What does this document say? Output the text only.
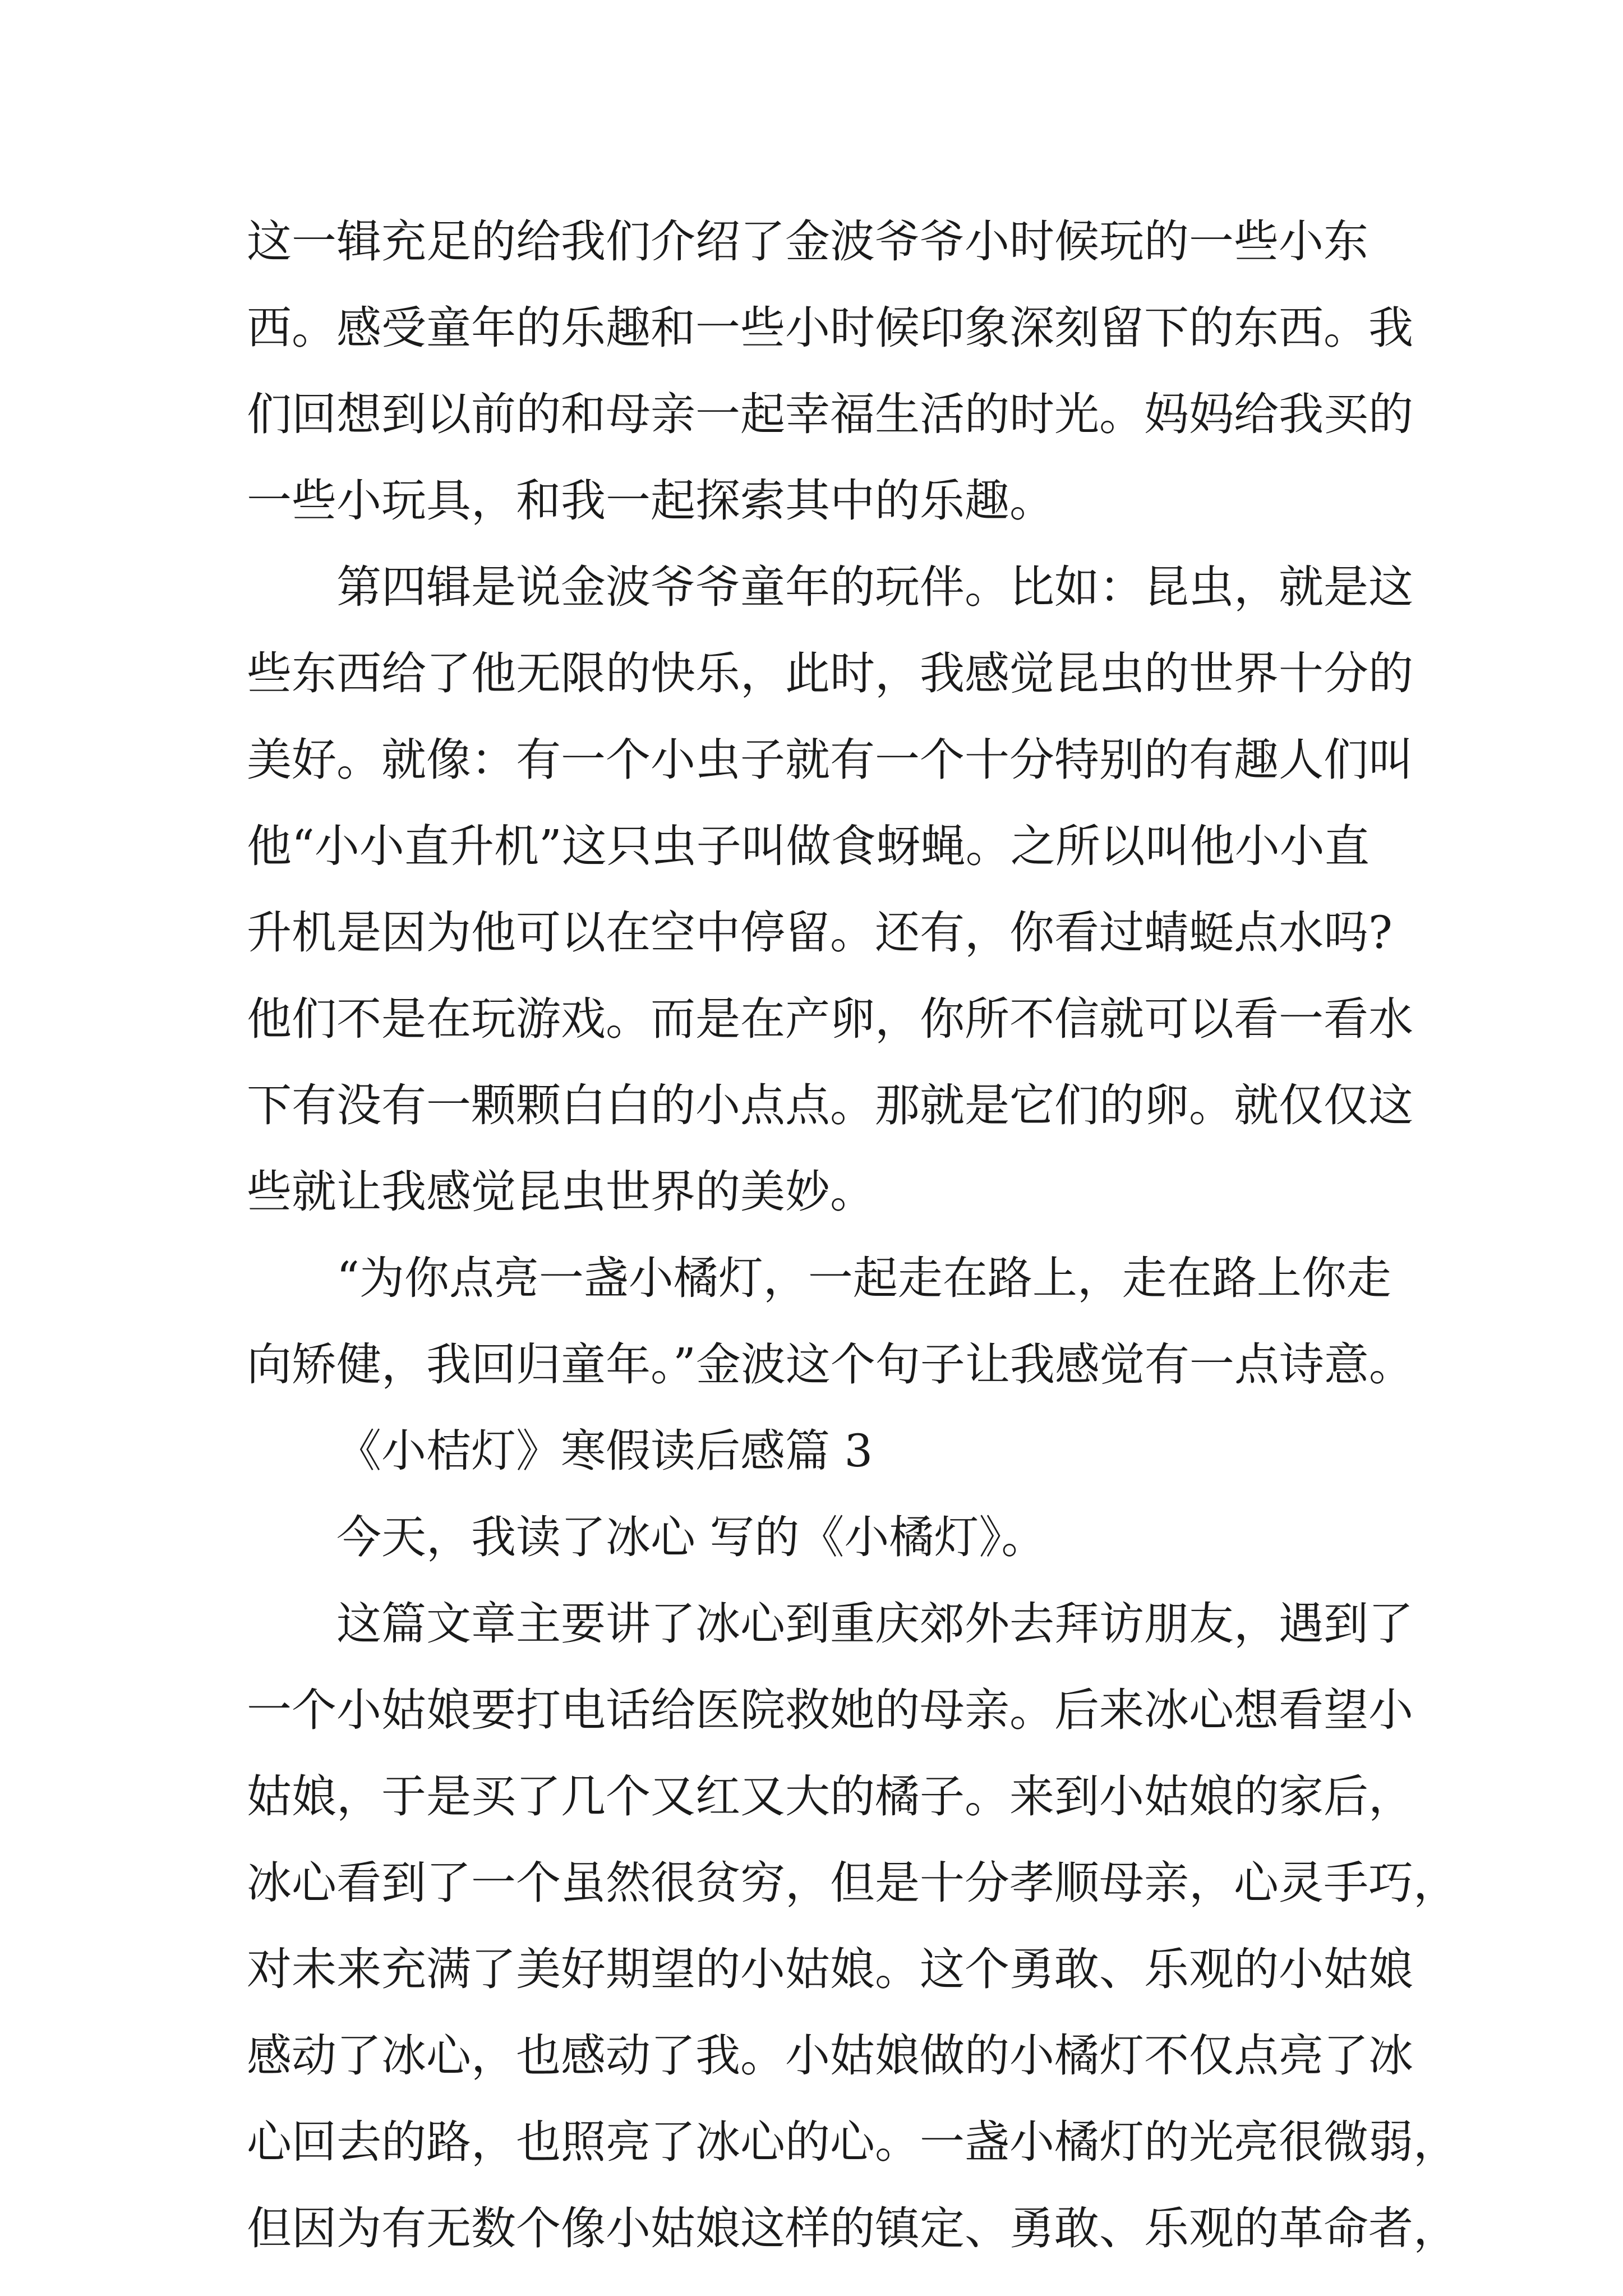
这一辑充足的给我们介绍了金波爷爷小时候玩的一些小东
西。感受童年的乐趣和一些小时候印象深刻留下的东西。我
们回想到以前的和母亲一起幸福生活的时光。妈妈给我买的
一些小玩具，和我一起探索其中的乐趣。
第四辑是说金波爷爷童年的玩伴。比如：昆虫，就是这
些东西给了他无限的快乐，此时，我感觉昆虫的世界十分的
美好。就像：有一个小虫子就有一个十分特别的有趣人们叫
他“小小直升机”这只虫子叫做食蚜蝇。之所以叫他小小直
升机是因为他可以在空中停留。还有，你看过蜻蜓点水吗?
他们不是在玩游戏。而是在产卵，你所不信就可以看一看水
下有没有一颗颗白白的小点点。那就是它们的卵。就仅仅这
些就让我感觉昆虫世界的美妙。
“为你点亮一盏小橘灯，一起走在路上，走在路上你走
向矫健，我回归童年。”金波这个句子让我感觉有一点诗意。
《小桔灯》寒假读后感篇 3
今天，我读了冰心 写的《小橘灯》。
这篇文章主要讲了冰心到重庆郊外去拜访朋友，遇到了
一个小姑娘要打电话给医院救她的母亲。后来冰心想看望小
姑娘，于是买了几个又红又大的橘子。来到小姑娘的家后，
冰心看到了一个虽然很贫穷，但是十分孝顺母亲，心灵手巧，
对未来充满了美好期望的小姑娘。这个勇敢、乐观的小姑娘
感动了冰心，也感动了我。小姑娘做的小橘灯不仅点亮了冰
心回去的路，也照亮了冰心的心。一盏小橘灯的光亮很微弱，
但因为有无数个像小姑娘这样的镇定、勇敢、乐观的革命者，
